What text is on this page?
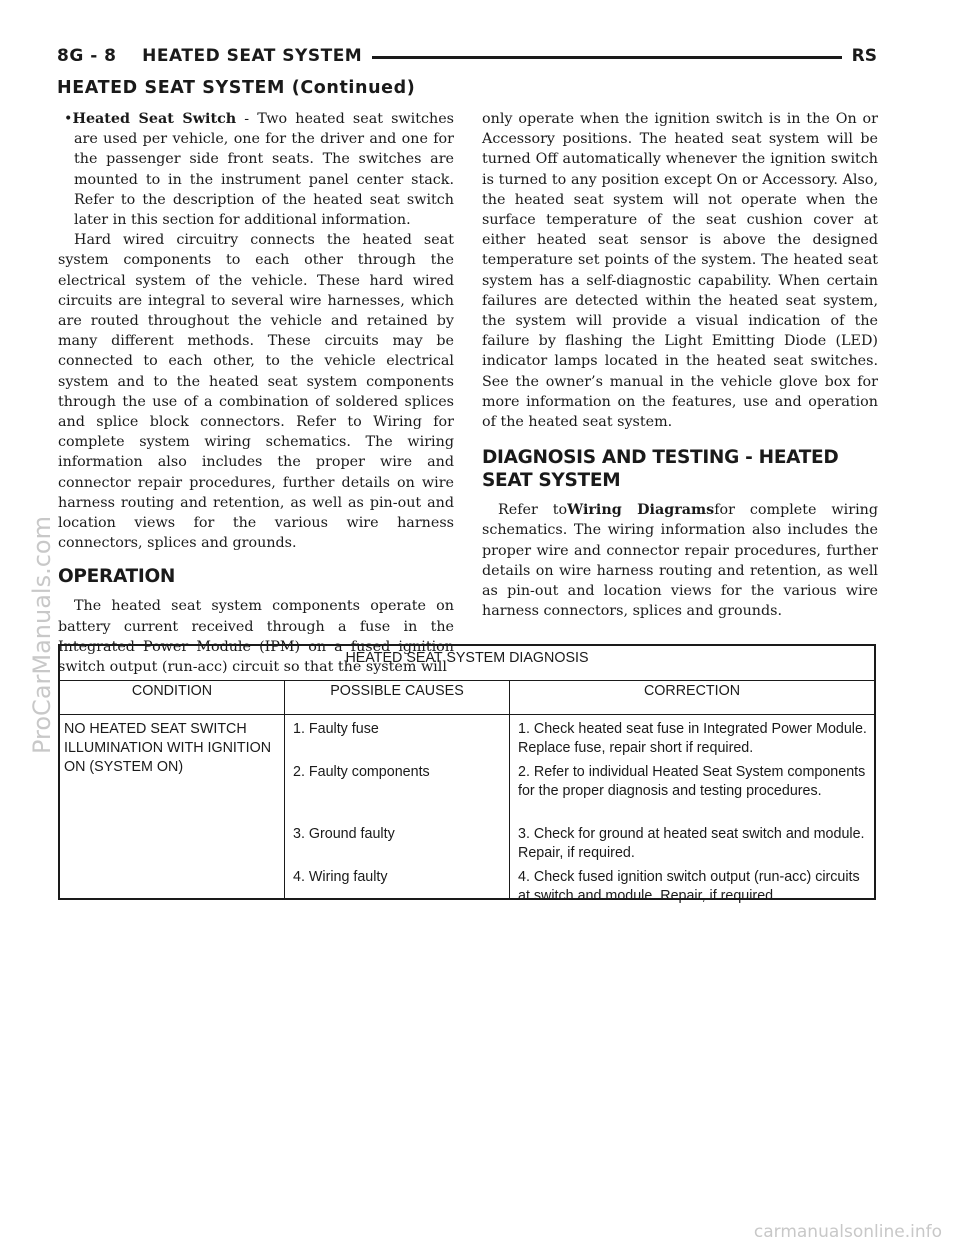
8G - 8    HEATED SEAT SYSTEM	RS
HEATED SEAT SYSTEM (Continued)

•Heated Seat Switch - Two heated seat switches are used per vehicle, one for the driver and one for the passenger side front seats. The switches are mounted to in the instrument panel center stack. Refer to the description of the heated seat switch later in this section for additional information.

Hard wired circuitry connects the heated seat system components to each other through the electrical system of the vehicle. These hard wired circuits are integral to several wire harnesses, which are routed throughout the vehicle and retained by many different methods. These circuits may be connected to each other, to the vehicle electrical system and to the heated seat system components through the use of a combination of soldered splices and splice block connectors. Refer to Wiring for complete system wiring schematics. The wiring information also includes the proper wire and connector repair procedures, further details on wire harness routing and retention, as well as pin-out and location views for the various wire harness connectors, splices and grounds.

OPERATION

The heated seat system components operate on battery current received through a fuse in the Integrated Power Module (IPM) on a fused ignition switch output (run-acc) circuit so that the system will

only operate when the ignition switch is in the On or Accessory positions. The heated seat system will be turned Off automatically whenever the ignition switch is turned to any position except On or Accessory. Also, the heated seat system will not operate when the surface temperature of the seat cushion cover at either heated seat sensor is above the designed temperature set points of the system. The heated seat system has a self-diagnostic capability. When certain failures are detected within the heated seat system, the system will provide a visual indication of the failure by flashing the Light Emitting Diode (LED) indicator lamps located in the heated seat switches. See the owner’s manual in the vehicle glove box for more information on the features, use and operation of the heated seat system.

DIAGNOSIS AND TESTING - HEATED SEAT SYSTEM

Refer toWiring Diagramsfor complete wiring schematics. The wiring information also includes the proper wire and connector repair procedures, further details on wire harness routing and retention, as well as pin-out and location views for the various wire harness connectors, splices and grounds.

HEATED SEAT SYSTEM DIAGNOSIS
CONDITION	POSSIBLE CAUSES	CORRECTION
NO HEATED SEAT SWITCH ILLUMINATION WITH IGNITION ON (SYSTEM ON)
1. Faulty fuse	1. Check heated seat fuse in Integrated Power Module. Replace fuse, repair short if required.
2. Faulty components	2. Refer to individual Heated Seat System components for the proper diagnosis and testing procedures.
3. Ground faulty	3. Check for ground at heated seat switch and module. Repair, if required.
4. Wiring faulty	4. Check fused ignition switch output (run-acc) circuits at switch and module. Repair, if required.
ProCarManuals.com
carmanualsonline.info
